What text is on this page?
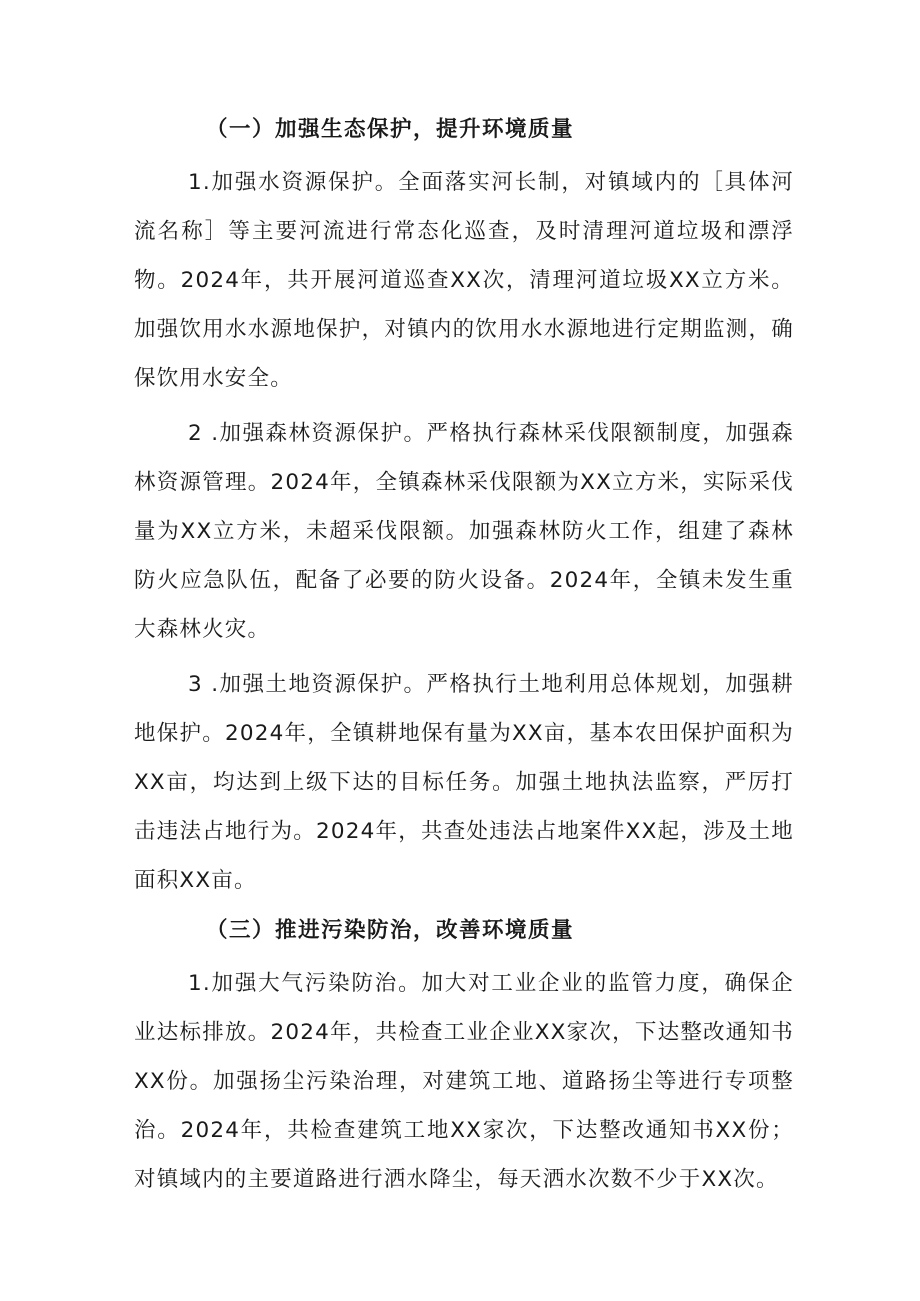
（一）加强生态保护，提升环境质量

1.加强水资源保护。全面落实河长制，对镇域内的［具体河流名称］等主要河流进行常态化巡查，及时清理河道垃圾和漂浮物。2024年，共开展河道巡查XX次，清理河道垃圾XX立方米。加强饮用水水源地保护，对镇内的饮用水水源地进行定期监测，确保饮用水安全。

2 .加强森林资源保护。严格执行森林采伐限额制度，加强森林资源管理。2024年，全镇森林采伐限额为XX立方米，实际采伐量为XX立方米，未超采伐限额。加强森林防火工作，组建了森林防火应急队伍，配备了必要的防火设备。2024年，全镇未发生重大森林火灾。

3 .加强土地资源保护。严格执行土地利用总体规划，加强耕地保护。2024年，全镇耕地保有量为XX亩，基本农田保护面积为XX亩，均达到上级下达的目标任务。加强土地执法监察，严厉打击违法占地行为。2024年，共查处违法占地案件XX起，涉及土地面积XX亩。

（三）推进污染防治，改善环境质量

1.加强大气污染防治。加大对工业企业的监管力度，确保企业达标排放。2024年，共检查工业企业XX家次，下达整改通知书XX份。加强扬尘污染治理，对建筑工地、道路扬尘等进行专项整治。2024年，共检查建筑工地XX家次，下达整改通知书XX份；对镇域内的主要道路进行洒水降尘，每天洒水次数不少于XX次。
